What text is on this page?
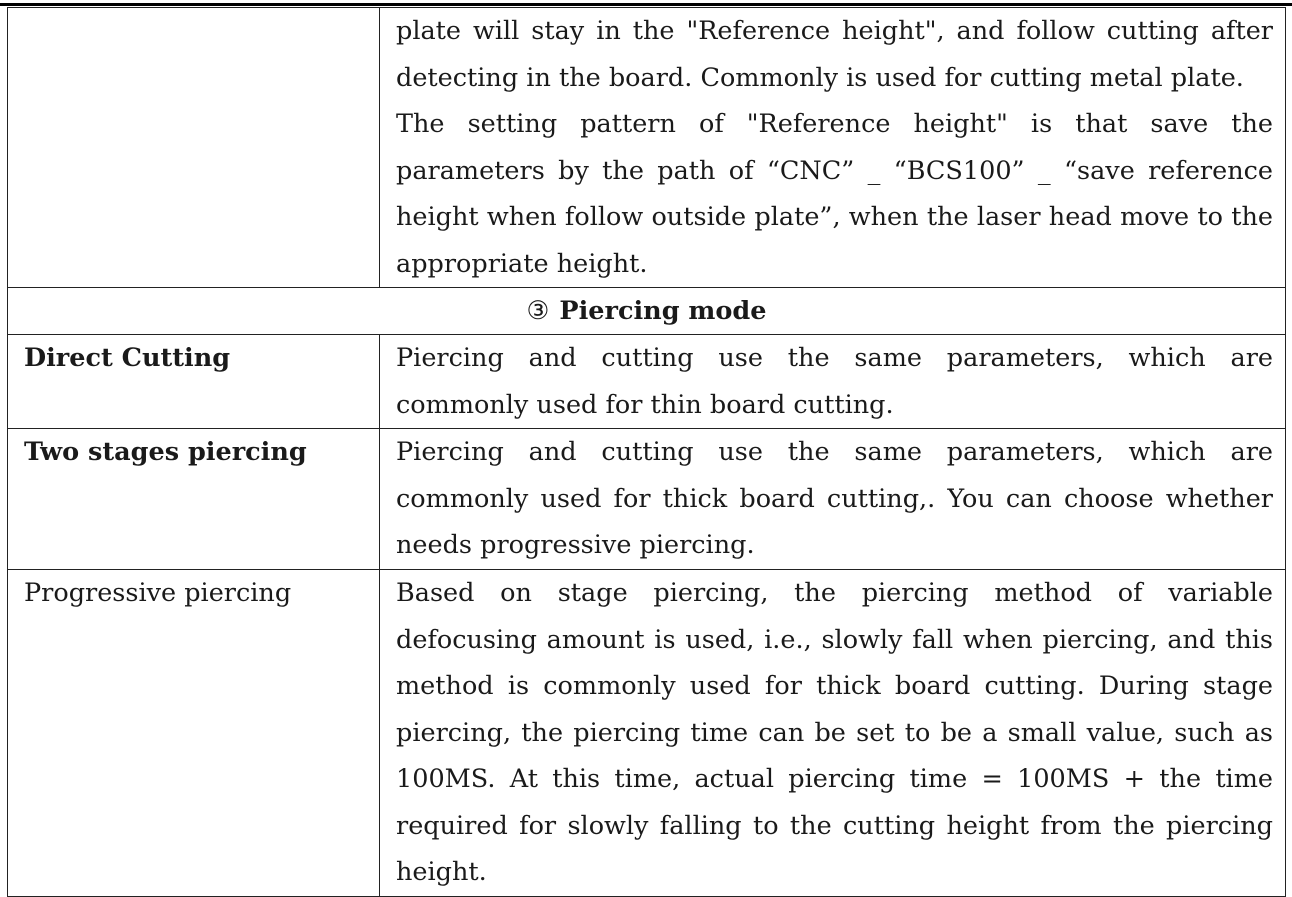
	plate will stay in the "Reference height", and follow cutting after detecting in the board. Commonly is used for cutting metal plate.
The setting pattern of "Reference height" is that save the parameters by the path of “CNC” _ “BCS100” _ “save reference height when follow outside plate”, when the laser head move to the appropriate height.

③ Piercing mode	
Direct Cutting	Piercing and cutting use the same parameters, which are commonly used for thin board cutting.

Two stages piercing	Piercing and cutting use the same parameters, which are commonly used for thick board cutting,. You can choose whether needs progressive piercing.

Progressive piercing	Based on stage piercing, the piercing method of variable defocusing amount is used, i.e., slowly fall when piercing, and this method is commonly used for thick board cutting. During stage piercing, the piercing time can be set to be a small value, such as 100MS. At this time, actual piercing time = 100MS + the time required for slowly falling to the cutting height from the piercing height.
